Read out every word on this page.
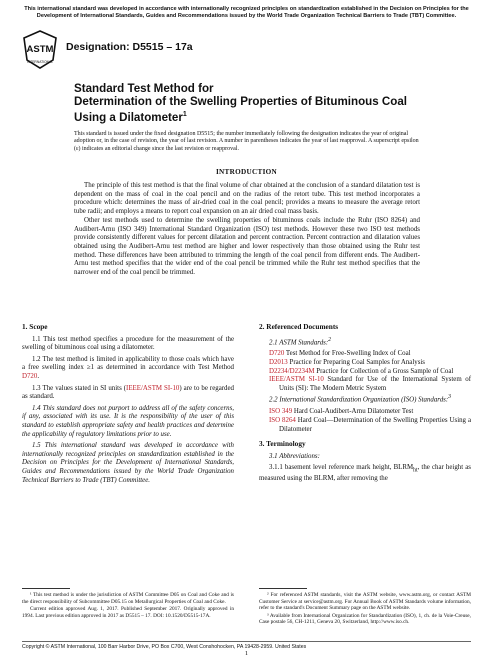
This international standard was developed in accordance with internationally recognized principles on standardization established in the Decision on Principles for the Development of International Standards, Guides and Recommendations issued by the World Trade Organization Technical Barriers to Trade (TBT) Committee.
ASTM
INTERNATIONAL
Designation: D5515 – 17a
Standard Test Method for
Determination of the Swelling Properties of Bituminous Coal
Using a Dilatometer$^1$
This standard is issued under the fixed designation D5515; the number immediately following the designation indicates the year of original adoption or, in the case of revision, the year of last revision. A number in parentheses indicates the year of last reapproval. A superscript epsilon (ε) indicates an editorial change since the last revision or reapproval.
INTRODUCTION

The principle of this test method is that the final volume of char obtained at the conclusion of a standard dilatation test is dependent on the mass of coal in the coal pencil and on the radius of the retort tube. This test method incorporates a procedure which: determines the mass of air-dried coal in the coal pencil; provides a means to measure the average retort tube radii; and employs a means to report coal expansion on an air dried coal mass basis.

Other test methods used to determine the swelling properties of bituminous coals include the Ruhr (ISO 8264) and Audibert-Arnu (ISO 349) International Standard Organization (ISO) test methods. However these two ISO test methods provide consistently different values for percent dilatation and percent contraction. Percent contraction and dilatation values obtained using the Audibert-Arnu test method are higher and lower respectively than those obtained using the Ruhr test method. These differences have been attributed to trimming the length of the coal pencil from different ends. The Audibert-Arnu test method specifies that the wider end of the coal pencil be trimmed while the Ruhr test method specifies that the narrower end of the coal pencil be trimmed.

1. Scope

1.1 This test method specifies a procedure for the measurement of the swelling of bituminous coal using a dilatometer.

1.2 The test method is limited in applicability to those coals which have a free swelling index ≥1 as determined in accordance with Test Method D720.

1.3 The values stated in SI units (IEEE/ASTM SI-10) are to be regarded as standard.

1.4 This standard does not purport to address all of the safety concerns, if any, associated with its use. It is the responsibility of the user of this standard to establish appropriate safety and health practices and determine the applicability of regulatory limitations prior to use.

1.5 This international standard was developed in accordance with internationally recognized principles on standardization established in the Decision on Principles for the Development of International Standards, Guides and Recommendations issued by the World Trade Organization Technical Barriers to Trade (TBT) Committee.

2. Referenced Documents

2.1 ASTM Standards:$^2$

D720 Test Method for Free-Swelling Index of Coal

D2013 Practice for Preparing Coal Samples for Analysis

D2234/D2234M Practice for Collection of a Gross Sample of Coal

IEEE/ASTM SI-10 Standard for Use of the International System of Units (SI): The Modern Metric System

2.2 International Standardization Organization (ISO) Standards:$^3$

ISO 349 Hard Coal-Audibert-Arnu Dilatometer Test

ISO 8264 Hard Coal—Determination of the Swelling Properties Using a Dilatometer

3. Terminology

3.1 Abbreviations:

3.1.1 basement level reference mark height, $BLRM_{ht}$, the char height as measured using the BLRM, after removing the

¹ This test method is under the jurisdiction of ASTM Committee D05 on Coal and Coke and is the direct responsibility of Subcommittee D05.15 on Metallurgical Properties of Coal and Coke.

Current edition approved Aug. 1, 2017. Published September 2017. Originally approved in 1994. Last previous edition approved in 2017 as D5515 – 17. DOI: 10.1520/D5515-17A.

² For referenced ASTM standards, visit the ASTM website, www.astm.org, or contact ASTM Customer Service at service@astm.org. For Annual Book of ASTM Standards volume information, refer to the standard's Document Summary page on the ASTM website.

³ Available from International Organization for Standardization (ISO), 1, ch. de la Voie-Creuse, Case postale 56, CH-1211, Geneva 20, Switzerland, http://www.iso.ch.

Copyright © ASTM International, 100 Barr Harbor Drive, PO Box C700, West Conshohocken, PA 19428-2959. United States
1
